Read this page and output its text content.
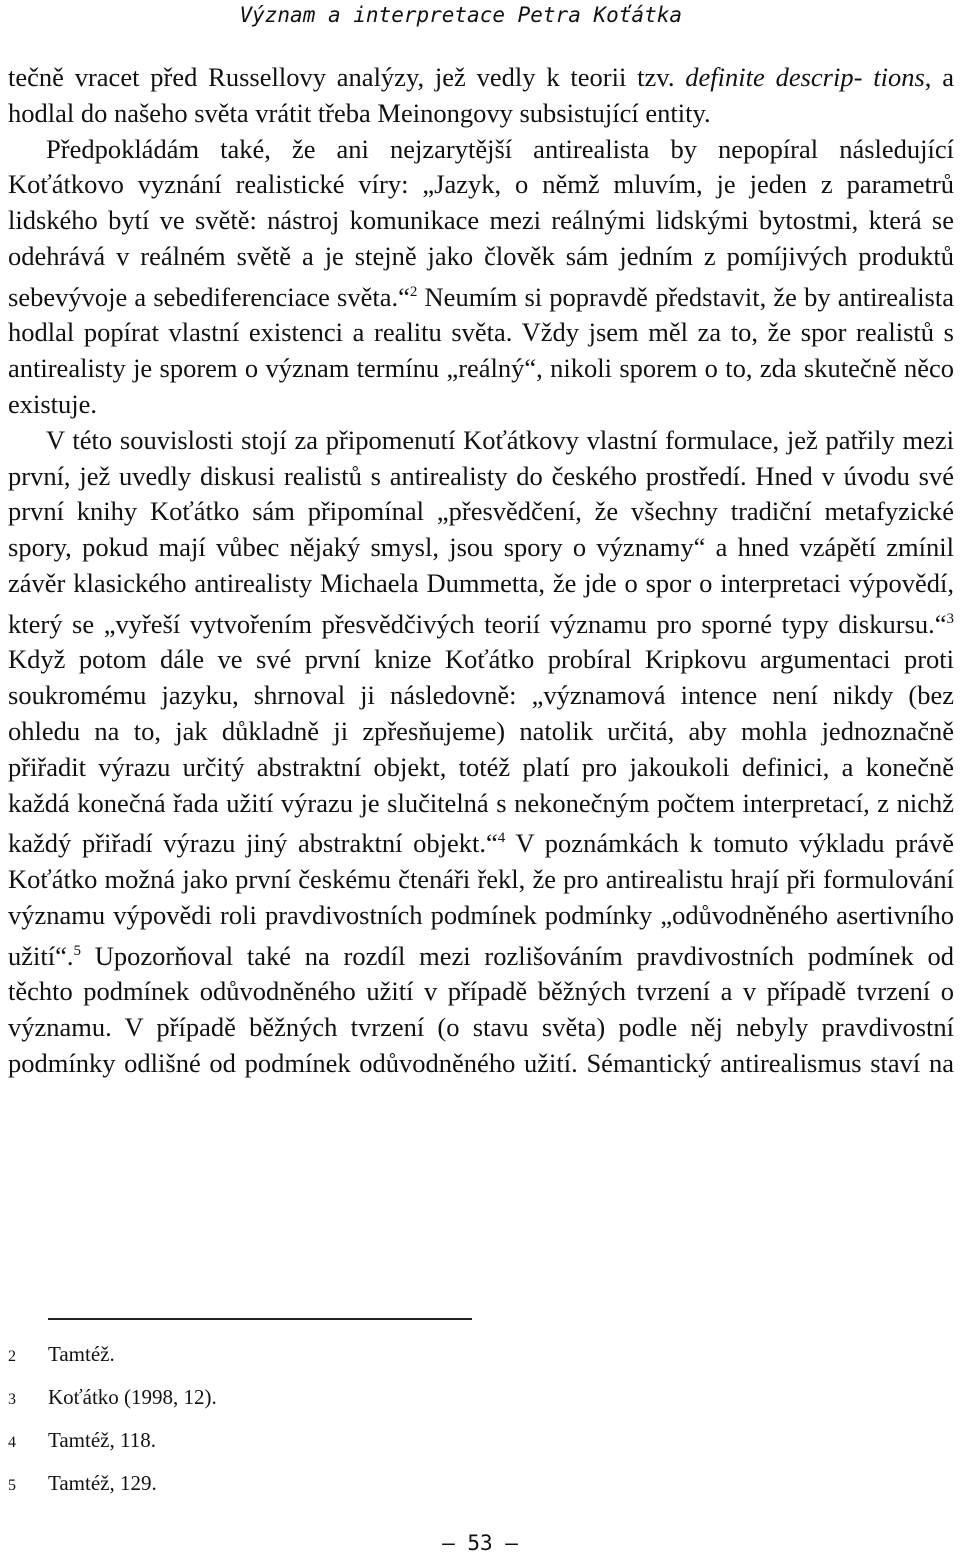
Význam a interpretace Petra Koťátka

tečně vracet před Russellovy analýzy, jež vedly k teorii tzv. definite descrip- tions, a hodlal do našeho světa vrátit třeba Meinongovy subsistující entity.

Předpokládám také, že ani nejzarytější antirealista by nepopíral následující Koťátkovo vyznání realistické víry: „Jazyk, o němž mluvím, je jeden z parametrů lidského bytí ve světě: nástroj komunikace mezi reálnými lidskými bytostmi, která se odehrává v reálném světě a je stejně jako člověk sám jedním z pomíjivých produktů sebevývoje a sebediferenciace světa.“$^2$ Neumím si popravdě představit, že by antirealista hodlal popírat vlastní existenci a realitu světa. Vždy jsem měl za to, že spor realistů s antirealisty je sporem o význam termínu „reálný“, nikoli sporem o to, zda skutečně něco existuje.

V této souvislosti stojí za připomenutí Koťátkovy vlastní formulace, jež patřily mezi první, jež uvedly diskusi realistů s antirealisty do českého prostředí. Hned v úvodu své první knihy Koťátko sám připomínal „přesvědčení, že všechny tradiční metafyzické spory, pokud mají vůbec nějaký smysl, jsou spory o významy“ a hned vzápětí zmínil závěr klasického antirealisty Michaela Dummetta, že jde o spor o interpretaci výpovědí, který se „vyřeší vytvořením přesvědčivých teorií významu pro sporné typy diskursu.“$^3$ Když potom dále ve své první knize Koťátko probíral Kripkovu argumentaci proti soukromému jazyku, shrnoval ji následovně: „významová intence není nikdy (bez ohledu na to, jak důkladně ji zpřesňujeme) natolik určitá, aby mohla jednoznačně přiřadit výrazu určitý abstraktní objekt, totéž platí pro jakoukoli definici, a konečně každá konečná řada užití výrazu je slučitelná s nekonečným počtem interpretací, z nichž každý přiřadí výrazu jiný abstraktní objekt.“$^4$ V poznámkách k tomuto výkladu právě Koťátko možná jako první českému čtenáři řekl, že pro antirealistu hrají při formulování významu výpovědi roli pravdivostních podmínek podmínky „odůvodněného asertivního užití“.$^5$ Upozorňoval také na rozdíl mezi rozlišováním pravdivostních podmínek od těchto podmínek odůvodněného užití v případě běžných tvrzení a v případě tvrzení o významu. V případě běžných tvrzení (o stavu světa) podle něj nebyly pravdivostní podmínky odlišné od podmínek odůvodněného užití. Sémantický antirealismus staví na

2	Tamtéž.
3	Koťátko (1998, 12).
4	Tamtéž, 118.
5	Tamtéž, 129.
– 53 –
